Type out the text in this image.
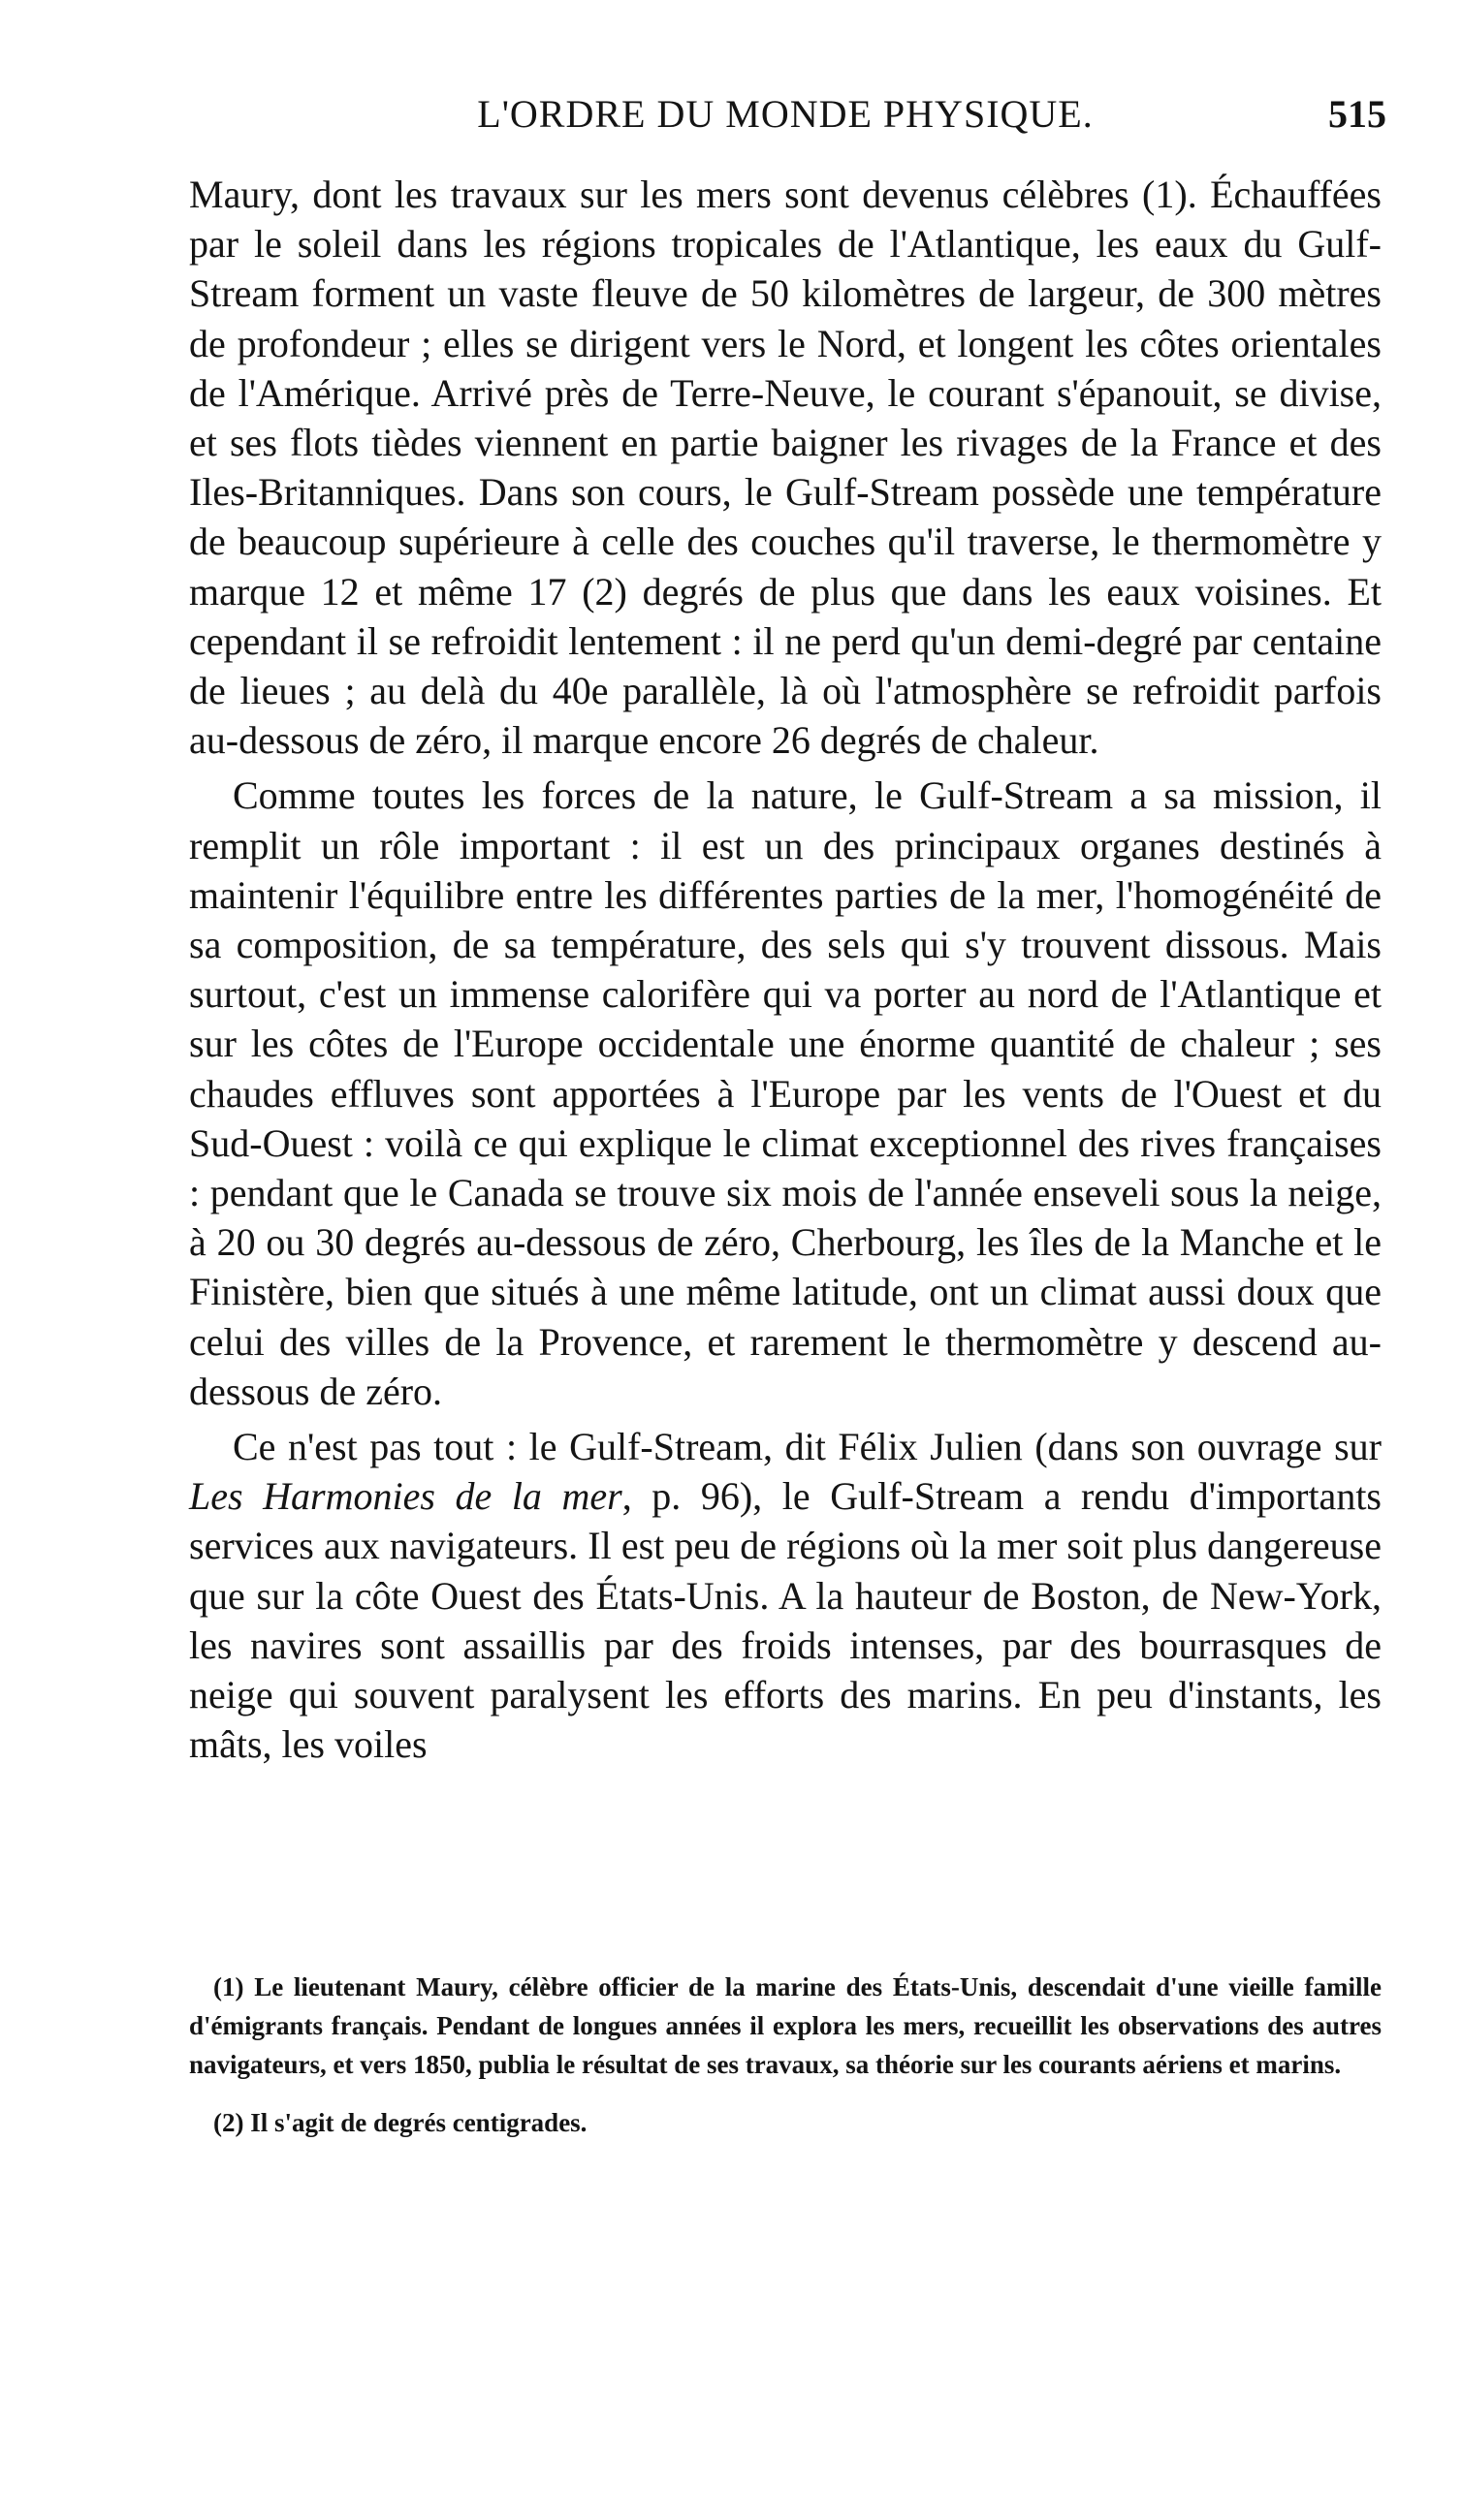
L'ORDRE DU MONDE PHYSIQUE.	515

Maury, dont les travaux sur les mers sont devenus célèbres (1). Échauffées par le soleil dans les régions tropicales de l'Atlantique, les eaux du Gulf-Stream forment un vaste fleuve de 50 kilomètres de largeur, de 300 mètres de profondeur ; elles se dirigent vers le Nord, et longent les côtes orientales de l'Amérique. Arrivé près de Terre-Neuve, le courant s'épanouit, se divise, et ses flots tièdes viennent en partie baigner les rivages de la France et des Iles-Britanniques. Dans son cours, le Gulf-Stream possède une température de beaucoup supérieure à celle des couches qu'il traverse, le thermomètre y marque 12 et même 17 (2) degrés de plus que dans les eaux voisines. Et cependant il se refroidit lentement : il ne perd qu'un demi-degré par centaine de lieues ; au delà du 40e parallèle, là où l'atmosphère se refroidit parfois au-dessous de zéro, il marque encore 26 degrés de chaleur.

Comme toutes les forces de la nature, le Gulf-Stream a sa mission, il remplit un rôle important : il est un des principaux organes destinés à maintenir l'équilibre entre les différentes parties de la mer, l'homogénéité de sa composition, de sa température, des sels qui s'y trouvent dissous. Mais surtout, c'est un immense calorifère qui va porter au nord de l'Atlantique et sur les côtes de l'Europe occidentale une énorme quantité de chaleur ; ses chaudes effluves sont apportées à l'Europe par les vents de l'Ouest et du Sud-Ouest : voilà ce qui explique le climat exceptionnel des rives françaises : pendant que le Canada se trouve six mois de l'année enseveli sous la neige, à 20 ou 30 degrés au-dessous de zéro, Cherbourg, les îles de la Manche et le Finistère, bien que situés à une même latitude, ont un climat aussi doux que celui des villes de la Provence, et rarement le thermomètre y descend au-dessous de zéro.

Ce n'est pas tout : le Gulf-Stream, dit Félix Julien (dans son ouvrage sur Les Harmonies de la mer, p. 96), le Gulf-Stream a rendu d'importants services aux navigateurs. Il est peu de régions où la mer soit plus dangereuse que sur la côte Ouest des États-Unis. A la hauteur de Boston, de New-York, les navires sont assaillis par des froids intenses, par des bourrasques de neige qui souvent paralysent les efforts des marins. En peu d'instants, les mâts, les voiles

(1) Le lieutenant Maury, célèbre officier de la marine des États-Unis, descendait d'une vieille famille d'émigrants français. Pendant de longues années il explora les mers, recueillit les observations des autres navigateurs, et vers 1850, publia le résultat de ses travaux, sa théorie sur les courants aériens et marins.

(2) Il s'agit de degrés centigrades.
